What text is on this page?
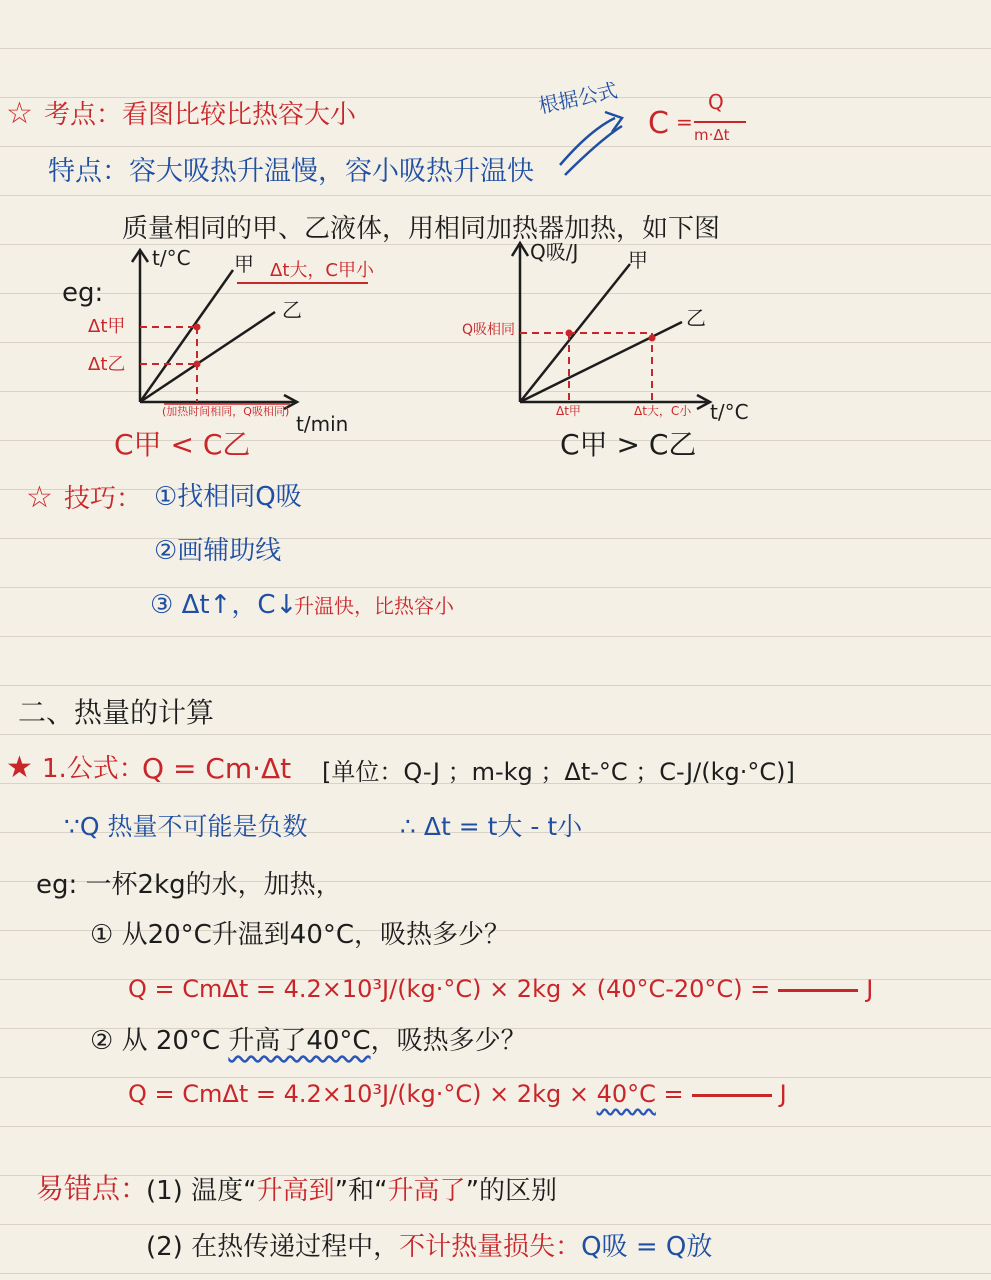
☆ 考点：看图比较比热容大小	根据公式
C =
Q
m·Δt
特点：容大吸热升温慢，容小吸热升温快
质量相同的甲、乙液体，用相同加热器加热，如下图
eg:
t/°C 甲 Δt大，C甲小
乙
Δt甲
Δt乙
(加热时间相同，Q吸相同)
t/min
C甲 < C乙
Q吸/J 甲
乙
Q吸相同
Δt甲	Δt大，C小 t/°C
C甲 > C乙
☆ 技巧： ①找相同Q吸
②画辅助线
③ Δt↑，C↓
升温快，比热容小
二、热量的计算
★ 1.公式：
Q = Cm·Δt [单位：Q-J ；m-kg ；Δt-°C ；C-J/(kg·°C)]
∵Q 热量不可能是负数	∴ Δt = t大 - t小
eg: 一杯2kg的水，加热，
① 从20°C升温到40°C，吸热多少？
Q = CmΔt = 4.2×10³J/(kg·°C) × 2kg × (40°C-20°C) =	J
② 从 20°C 升高了40°C，吸热多少？
Q = CmΔt = 4.2×10³J/(kg·°C) × 2kg × 40°C =	J
易错点：
(1) 温度“升高到”和“升高了”的区别
(2) 在热传递过程中，不计热量损失：Q吸 = Q放
